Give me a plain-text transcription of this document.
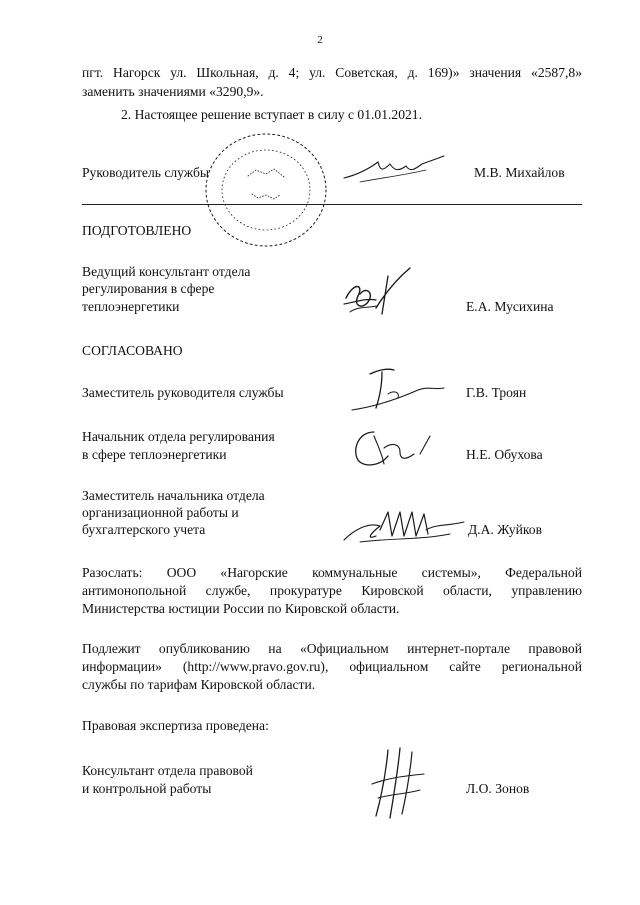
2
пгт. Нагорск ул. Школьная, д. 4; ул. Советская, д. 169)» значения «2587,8»
заменить значениями «3290,9».
2. Настоящее решение вступает в силу с 01.01.2021.
Руководитель службы	М.В. Михайлов
ПОДГОТОВЛЕНО
Ведущий консультант отдела
регулирования в сфере
теплоэнергетики	Е.А. Мусихина
СОГЛАСОВАНО
Заместитель руководителя службы	Г.В. Троян
Начальник отдела регулирования
в сфере теплоэнергетики	Н.Е. Обухова
Заместитель начальника отдела
организационной работы и
бухгалтерского учета	Д.А. Жуйков
Разослать: ООО «Нагорские коммунальные системы», Федеральной
антимонопольной службе, прокуратуре Кировской области, управлению
Министерства юстиции России по Кировской области.
Подлежит опубликованию на «Официальном интернет-портале правовой
информации» (http://www.pravo.gov.ru), официальном сайте региональной
службы по тарифам Кировской области.
Правовая экспертиза проведена:
Консультант отдела правовой
и контрольной работы	Л.О. Зонов
